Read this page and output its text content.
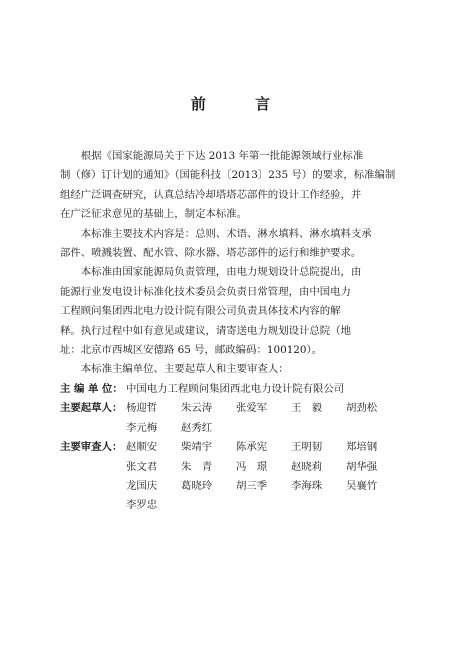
前 言

根据《国家能源局关于下达 2013 年第一批能源领域行业标准
制（修）订计划的通知》（国能科技〔2013〕235 号）的要求，标准编制
组经广泛调查研究，认真总结冷却塔塔芯部件的设计工作经验，并
在广泛征求意见的基础上，制定本标准。

本标准主要技术内容是：总则、术语、淋水填料、淋水填料支承
部件、喷溅装置、配水管、除水器、塔芯部件的运行和维护要求。

本标准由国家能源局负责管理，由电力规划设计总院提出，由
能源行业发电设计标准化技术委员会负责日常管理，由中国电力
工程顾问集团西北电力设计院有限公司负责具体技术内容的解
释。执行过程中如有意见或建议，请寄送电力规划设计总院（地
址：北京市西城区安德路 65 号，邮政编码：100120）。

本标准主编单位、主要起草人和主要审查人：

主 编 单 位： 中国电力工程顾问集团西北电力设计院有限公司
主要起草人： 杨迎哲	朱云涛	张爱军	王　毅	胡劲松
李元梅	赵秀红
主要审查人： 赵顺安	柴靖宇	陈承宪	王明韧	郑培钢
张文君	朱　青	冯　璟	赵晓莉	胡华强
龙国庆	葛晓玲	胡三季	李海珠	吴襄竹
李罗忠
